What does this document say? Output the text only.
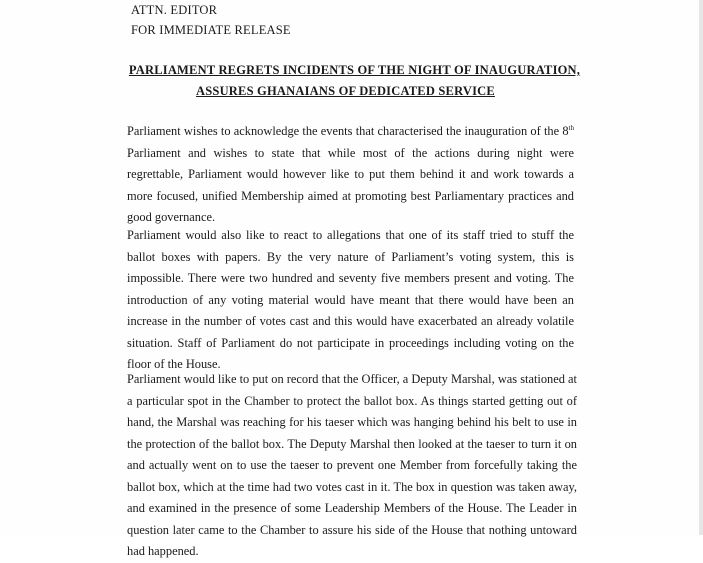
ATTN. EDITOR
FOR IMMEDIATE RELEASE
PARLIAMENT REGRETS INCIDENTS OF THE NIGHT OF INAUGURATION,
ASSURES GHANAIANS OF DEDICATED SERVICE
Parliament wishes to acknowledge the events that characterised the inauguration of the 8th Parliament and wishes to state that while most of the actions during night were regrettable, Parliament would however like to put them behind it and work towards a more focused, unified Membership aimed at promoting best Parliamentary practices and good governance.
Parliament would also like to react to allegations that one of its staff tried to stuff the ballot boxes with papers. By the very nature of Parliament’s voting system, this is impossible. There were two hundred and seventy five members present and voting. The introduction of any voting material would have meant that there would have been an increase in the number of votes cast and this would have exacerbated an already volatile situation. Staff of Parliament do not participate in proceedings including voting on the floor of the House.
Parliament would like to put on record that the Officer, a Deputy Marshal, was stationed at a particular spot in the Chamber to protect the ballot box. As things started getting out of hand, the Marshal was reaching for his taeser which was hanging behind his belt to use in the protection of the ballot box. The Deputy Marshal then looked at the taeser to turn it on and actually went on to use the taeser to prevent one Member from forcefully taking the ballot box, which at the time had two votes cast in it. The box in question was taken away, and examined in the presence of some Leadership Members of the House. The Leader in question later came to the Chamber to assure his side of the House that nothing untoward had happened.
